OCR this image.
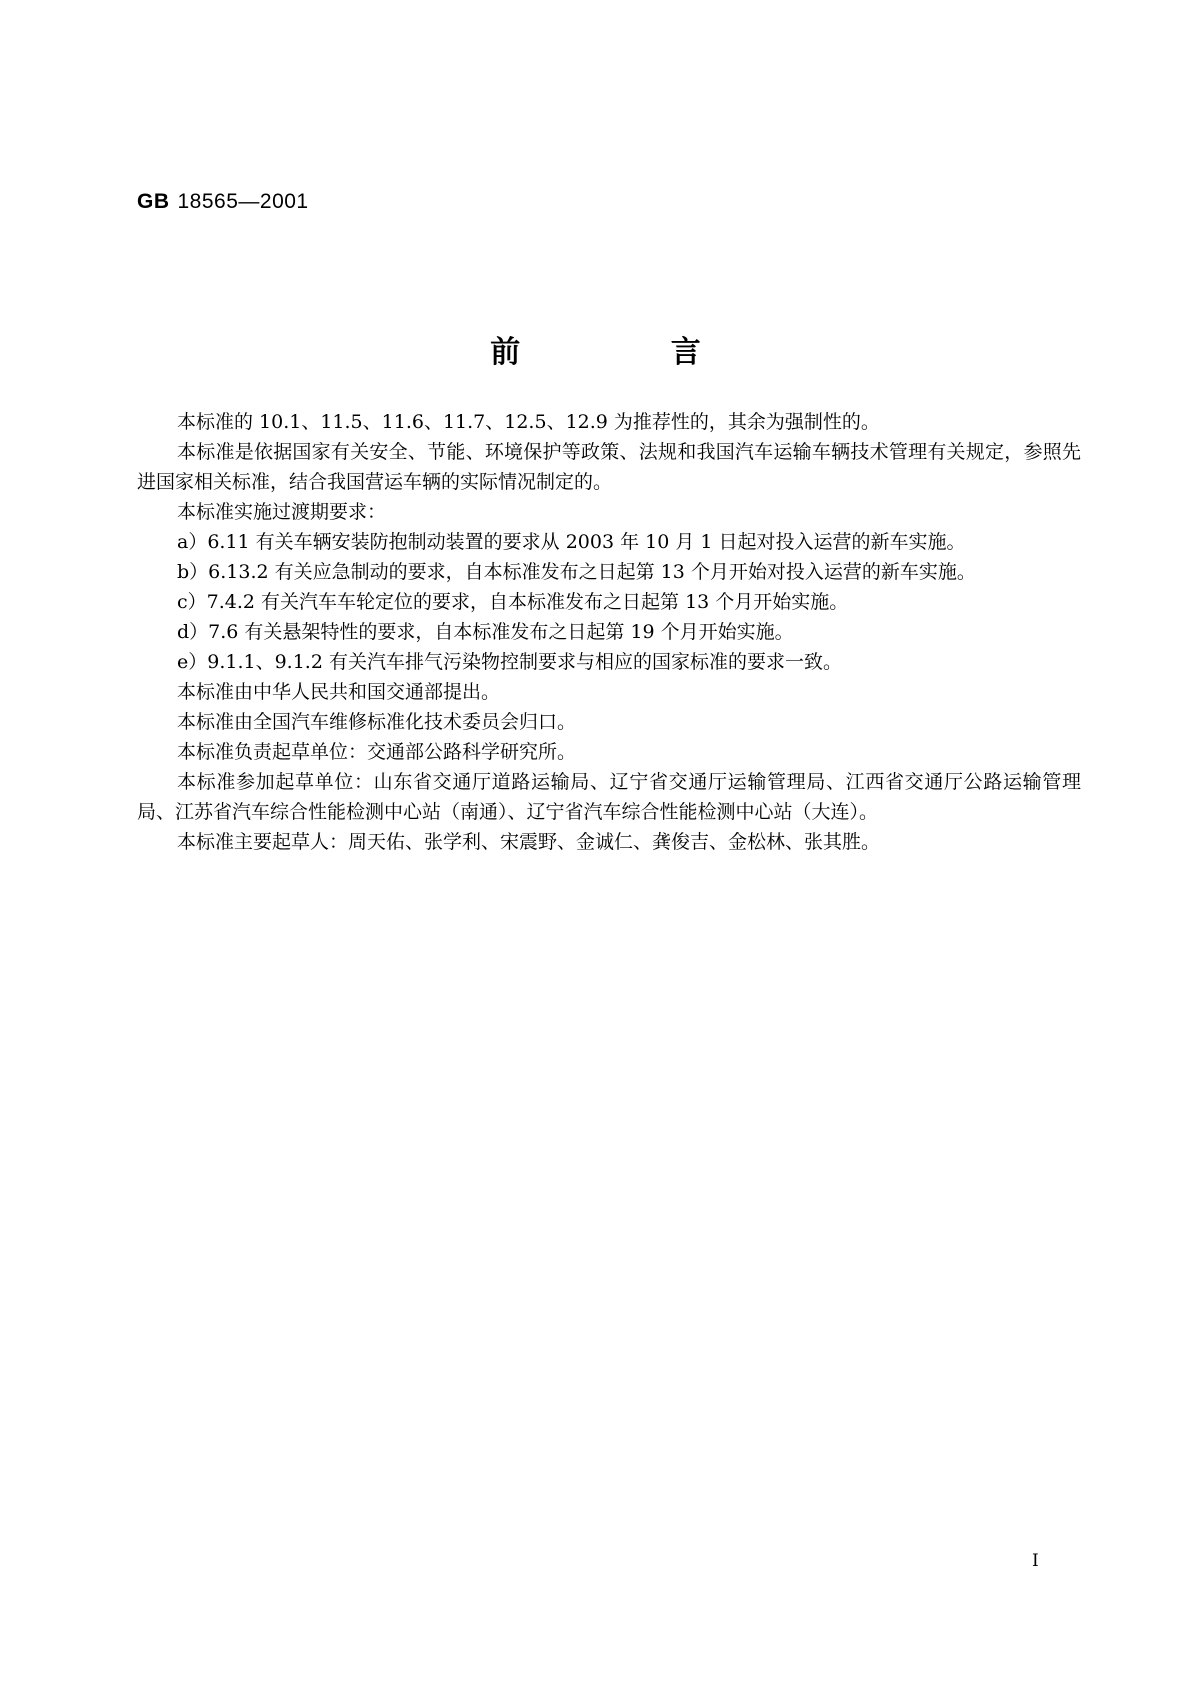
GB 18565—2001
前 言

本标准的 10.1、11.5、11.6、11.7、12.5、12.9 为推荐性的，其余为强制性的。

本标准是依据国家有关安全、节能、环境保护等政策、法规和我国汽车运输车辆技术管理有关规定，参照先进国家相关标准，结合我国营运车辆的实际情况制定的。

本标准实施过渡期要求：

a）6.11 有关车辆安装防抱制动装置的要求从 2003 年 10 月 1 日起对投入运营的新车实施。

b）6.13.2 有关应急制动的要求，自本标准发布之日起第 13 个月开始对投入运营的新车实施。

c）7.4.2 有关汽车车轮定位的要求，自本标准发布之日起第 13 个月开始实施。

d）7.6 有关悬架特性的要求，自本标准发布之日起第 19 个月开始实施。

e）9.1.1、9.1.2 有关汽车排气污染物控制要求与相应的国家标准的要求一致。

本标准由中华人民共和国交通部提出。

本标准由全国汽车维修标准化技术委员会归口。

本标准负责起草单位：交通部公路科学研究所。

本标准参加起草单位：山东省交通厅道路运输局、辽宁省交通厅运输管理局、江西省交通厅公路运输管理局、江苏省汽车综合性能检测中心站（南通）、辽宁省汽车综合性能检测中心站（大连）。

本标准主要起草人：周天佑、张学利、宋震野、金诚仁、龚俊吉、金松林、张其胜。

I
